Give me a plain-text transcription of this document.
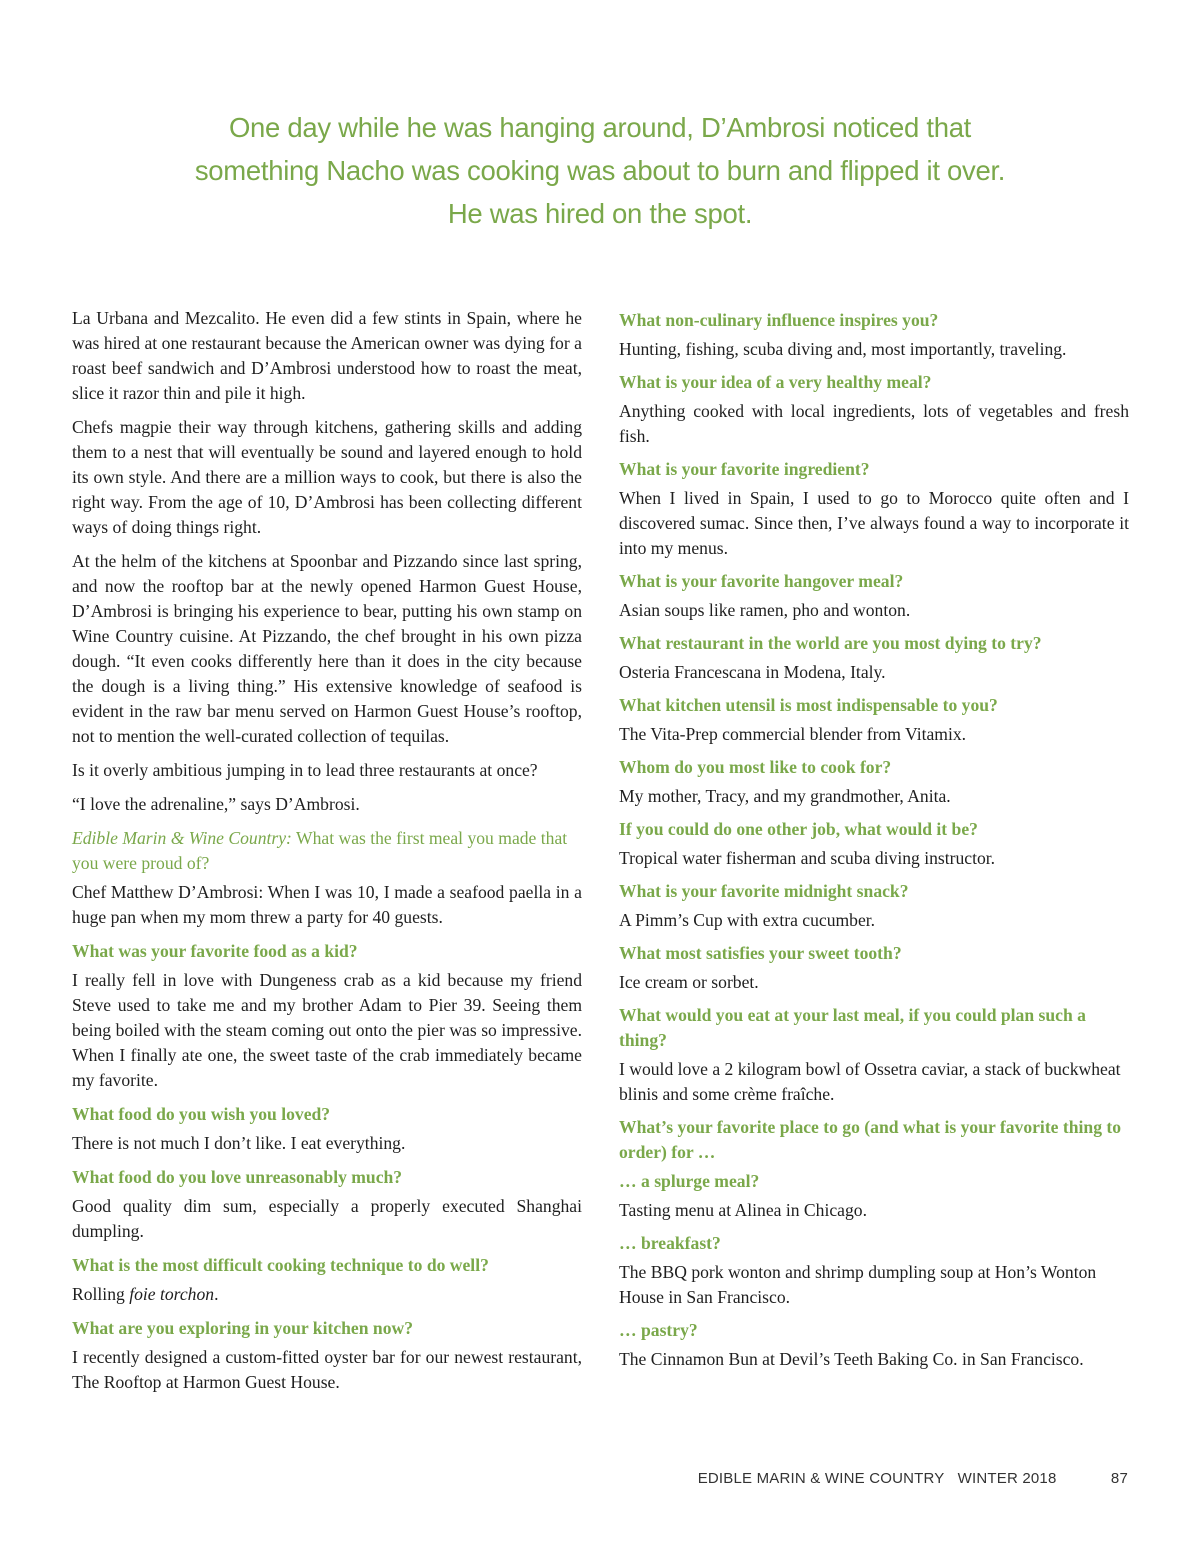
One day while he was hanging around, D’Ambrosi noticed that
something Nacho was cooking was about to burn and flipped it over.
He was hired on the spot.

La Urbana and Mezcalito. He even did a few stints in Spain, where he was hired at one restaurant because the American owner was dying for a roast beef sandwich and D’Ambrosi understood how to roast the meat, slice it razor thin and pile it high.

Chefs magpie their way through kitchens, gathering skills and adding them to a nest that will eventually be sound and layered enough to hold its own style. And there are a million ways to cook, but there is also the right way. From the age of 10, D’Ambrosi has been collecting different ways of doing things right.

At the helm of the kitchens at Spoonbar and Pizzando since last spring, and now the rooftop bar at the newly opened Harmon Guest House, D’Ambrosi is bringing his experience to bear, putting his own stamp on Wine Country cuisine. At Pizzando, the chef brought in his own pizza dough. “It even cooks differently here than it does in the city because the dough is a living thing.” His extensive knowledge of seafood is evident in the raw bar menu served on Harmon Guest House’s rooftop, not to mention the well-curated collection of tequilas.

Is it overly ambitious jumping in to lead three restaurants at once?

“I love the adrenaline,” says D’Ambrosi.

Edible Marin & Wine Country: What was the first meal you made that you were proud of?

Chef Matthew D’Ambrosi: When I was 10, I made a seafood paella in a huge pan when my mom threw a party for 40 guests.

What was your favorite food as a kid?

I really fell in love with Dungeness crab as a kid because my friend Steve used to take me and my brother Adam to Pier 39. Seeing them being boiled with the steam coming out onto the pier was so impressive. When I finally ate one, the sweet taste of the crab immediately became my favorite.

What food do you wish you loved?

There is not much I don’t like. I eat everything.

What food do you love unreasonably much?

Good quality dim sum, especially a properly executed Shanghai dumpling.

What is the most difficult cooking technique to do well?

Rolling foie torchon.

What are you exploring in your kitchen now?

I recently designed a custom-fitted oyster bar for our newest restaurant, The Rooftop at Harmon Guest House.

What non-culinary influence inspires you?

Hunting, fishing, scuba diving and, most importantly, traveling.

What is your idea of a very healthy meal?

Anything cooked with local ingredients, lots of vegetables and fresh fish.

What is your favorite ingredient?

When I lived in Spain, I used to go to Morocco quite often and I discovered sumac. Since then, I’ve always found a way to incorporate it into my menus.

What is your favorite hangover meal?

Asian soups like ramen, pho and wonton.

What restaurant in the world are you most dying to try?

Osteria Francescana in Modena, Italy.

What kitchen utensil is most indispensable to you?

The Vita-Prep commercial blender from Vitamix.

Whom do you most like to cook for?

My mother, Tracy, and my grandmother, Anita.

If you could do one other job, what would it be?

Tropical water fisherman and scuba diving instructor.

What is your favorite midnight snack?

A Pimm’s Cup with extra cucumber.

What most satisfies your sweet tooth?

Ice cream or sorbet.

What would you eat at your last meal, if you could plan such a thing?

I would love a 2 kilogram bowl of Ossetra caviar, a stack of buckwheat blinis and some crème fraîche.

What’s your favorite place to go (and what is your favorite thing to order) for …

… a splurge meal?

Tasting menu at Alinea in Chicago.

… breakfast?

The BBQ pork wonton and shrimp dumpling soup at Hon’s Wonton House in San Francisco.

… pastry?

The Cinnamon Bun at Devil’s Teeth Baking Co. in San Francisco.

EDIBLE MARIN & WINE COUNTRY WINTER 2018	87
